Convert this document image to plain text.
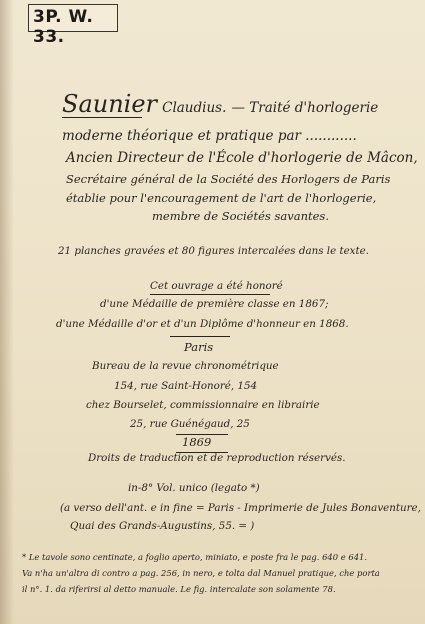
3P. W. 33.
Saunier Claudius. — Traité d'horlogerie
moderne théorique et pratique par ............
Ancien Directeur de l'École d'horlogerie de Mâcon,
Secrétaire général de la Société des Horlogers de Paris
établie pour l'encouragement de l'art de l'horlogerie,
membre de Sociétés savantes.
21 planches gravées et 80 figures intercalées dans le texte.
Cet ouvrage a été honoré
d'une Médaille de première classe en 1867;
d'une Médaille d'or et d'un Diplôme d'honneur en 1868.
Paris
Bureau de la revue chronométrique
154, rue Saint-Honoré, 154
chez Bourselet, commissionnaire en librairie
25, rue Guénégaud, 25
1869
Droits de traduction et de reproduction réservés.
in-8° Vol. unico (legato *)
(a verso dell'ant. e in fine = Paris - Imprimerie de Jules Bonaventure,
Quai des Grands-Augustins, 55. = )
* Le tavole sono centinate, a foglio aperto, miniato, e poste fra le pag. 640 e 641.
Va n'ha un'altra di contro a pag. 256, in nero, e tolta dal Manuel pratique, che porta
il n°. 1. da riferirsi al detto manuale. Le fig. intercalate son solamente 78.
